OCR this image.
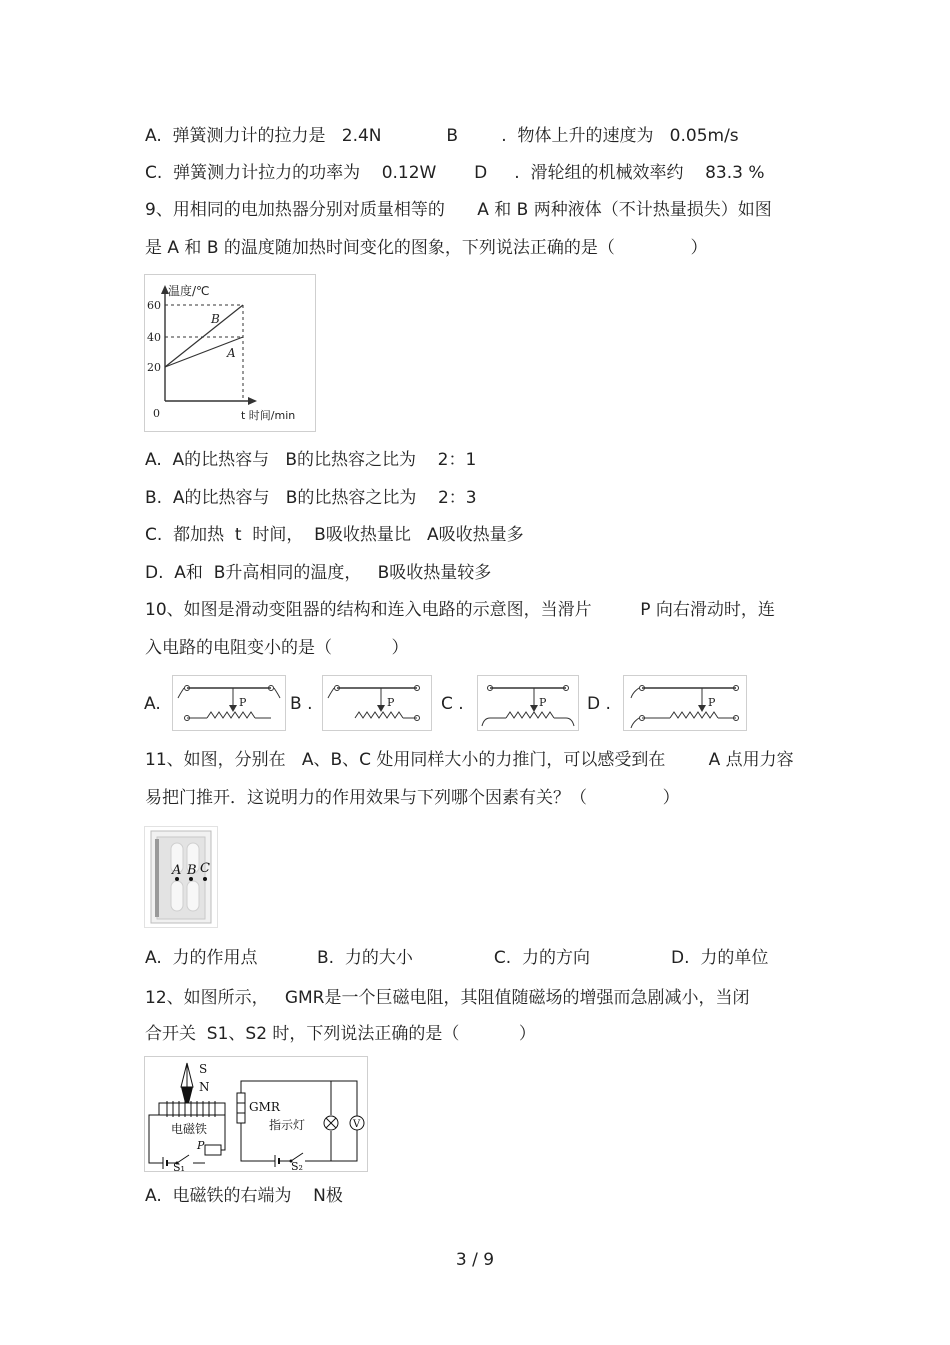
A.  弹簧测力计的拉力是   2.4N            B        .  物体上升的速度为   0.05m/s
C.  弹簧测力计拉力的功率为    0.12W       D     .  滑轮组的机械效率约    83.3 %
9、用相同的电加热器分别对质量相等的      A 和 B 两种液体（不计热量损失）如图
是 A 和 B 的温度随加热时间变化的图象，下列说法正确的是（              ）
温度/℃
60
40
20
0	t 时间/min
B
A
A.  A的比热容与   B的比热容之比为    2：1
B.  A的比热容与   B的比热容之比为    2：3
C.  都加热  t  时间，  B吸收热量比   A吸收热量多
D.  A和  B升高相同的温度，   B吸收热量较多
10、如图是滑动变阻器的结构和连入电路的示意图，当滑片         P 向右滑动时，连
入电路的电阻变小的是（           ）
A.	P	B .	P	C .	P D .	P
11、如图，分别在   A、B、C 处用同样大小的力推门，可以感受到在        A 点用力容
易把门推开．这说明力的作用效果与下列哪个因素有关？（              ）
A B C
A.  力的作用点           B.  力的大小               C.  力的方向               D.  力的单位
12、如图所示，   GMR是一个巨磁电阻，其阻值随磁场的增强而急剧减小，当闭
合开关  S1、S2 时，下列说法正确的是（           ）
S
N
电磁铁
S₁
P
GMR
S₂
指示灯	V
A.  电磁铁的右端为    N极
3 / 9
